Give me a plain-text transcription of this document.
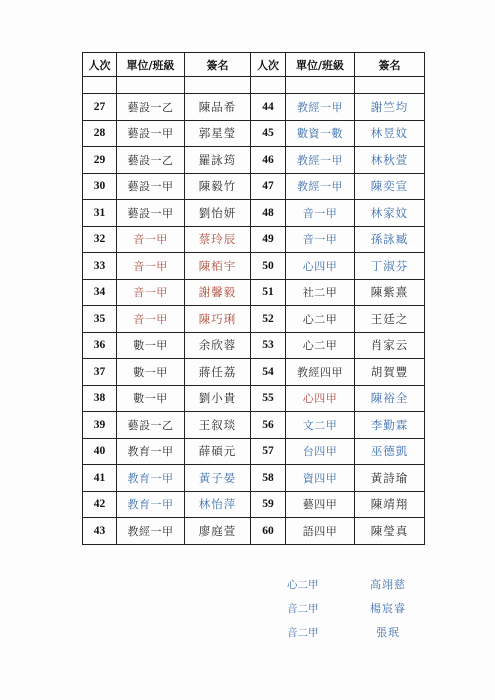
人次	單位/班級	簽名	人次	單位/班級	簽名

27	藝設一乙	陳品希	44	教經一甲	謝竺均
28	藝設一甲	郭星瑩	45	數資一數	林昱妏
29	藝設一乙	羅詠筠	46	教經一甲	林秋萱
30	藝設一甲	陳毅竹	47	教經一甲	陳奕宣
31	藝設一甲	劉怡妍	48	音一甲	林家妏
32	音一甲	蔡玲辰	49	音一甲	孫詠臧
33	音一甲	陳栢宇	50	心四甲	丁淑芬
34	音一甲	謝馨毅	51	社二甲	陳紫熹
35	音一甲	陳巧琍	52	心二甲	王廷之
36	數一甲	余欣蓉	53	心二甲	肖家云
37	數一甲	蔣任荔	54	教經四甲	胡賀豐
38	數一甲	劉小貴	55	心四甲	陳裕全
39	藝設一乙	王叙琰	56	文二甲	李勤霖
40	教育一甲	薛碩元	57	台四甲	巫德凱
41	教育一甲	黃子晏	58	資四甲	黃詩瑜
42	教育一甲	林怡萍	59	藝四甲	陳靖翔
43	教經一甲	廖庭萱	60	語四甲	陳瑩真
心二甲	高翊慈
音二甲	楊宸睿
音二甲	張珉
